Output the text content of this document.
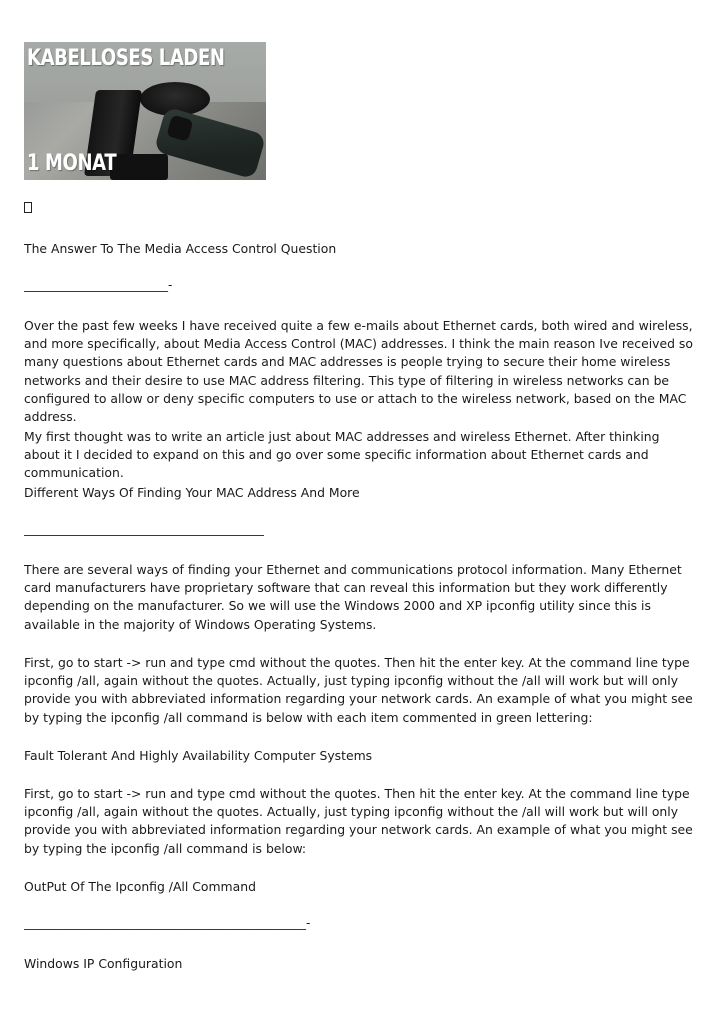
KABELLOSES LADEN
1 MONAT
The Answer To The Media Access Control Question
________________________-
Over the past few weeks I have received quite a few e-mails about Ethernet cards, both wired and wireless, and more specifically, about Media Access Control (MAC) addresses. I think the main reason Ive received so many questions about Ethernet cards and MAC addresses is people trying to secure their home wireless networks and their desire to use MAC address filtering. This type of filtering in wireless networks can be configured to allow or deny specific computers to use or attach to the wireless network, based on the MAC address.
My first thought was to write an article just about MAC addresses and wireless Ethernet. After thinking about it I decided to expand on this and go over some specific information about Ethernet cards and communication.
Different Ways Of Finding Your MAC Address And More
________________________________________
There are several ways of finding your Ethernet and communications protocol information. Many Ethernet card manufacturers have proprietary software that can reveal this information but they work differently depending on the manufacturer. So we will use the Windows 2000 and XP ipconfig utility since this is available in the majority of Windows Operating Systems.
First, go to start -> run and type cmd without the quotes. Then hit the enter key. At the command line type ipconfig /all, again without the quotes. Actually, just typing ipconfig without the /all will work but will only provide you with abbreviated information regarding your network cards. An example of what you might see by typing the ipconfig /all command is below with each item commented in green lettering:
Fault Tolerant And Highly Availability Computer Systems
First, go to start -> run and type cmd without the quotes. Then hit the enter key. At the command line type ipconfig /all, again without the quotes. Actually, just typing ipconfig without the /all will work but will only provide you with abbreviated information regarding your network cards. An example of what you might see by typing the ipconfig /all command is below:
OutPut Of The Ipconfig /All Command
_______________________________________________-
Windows IP Configuration
